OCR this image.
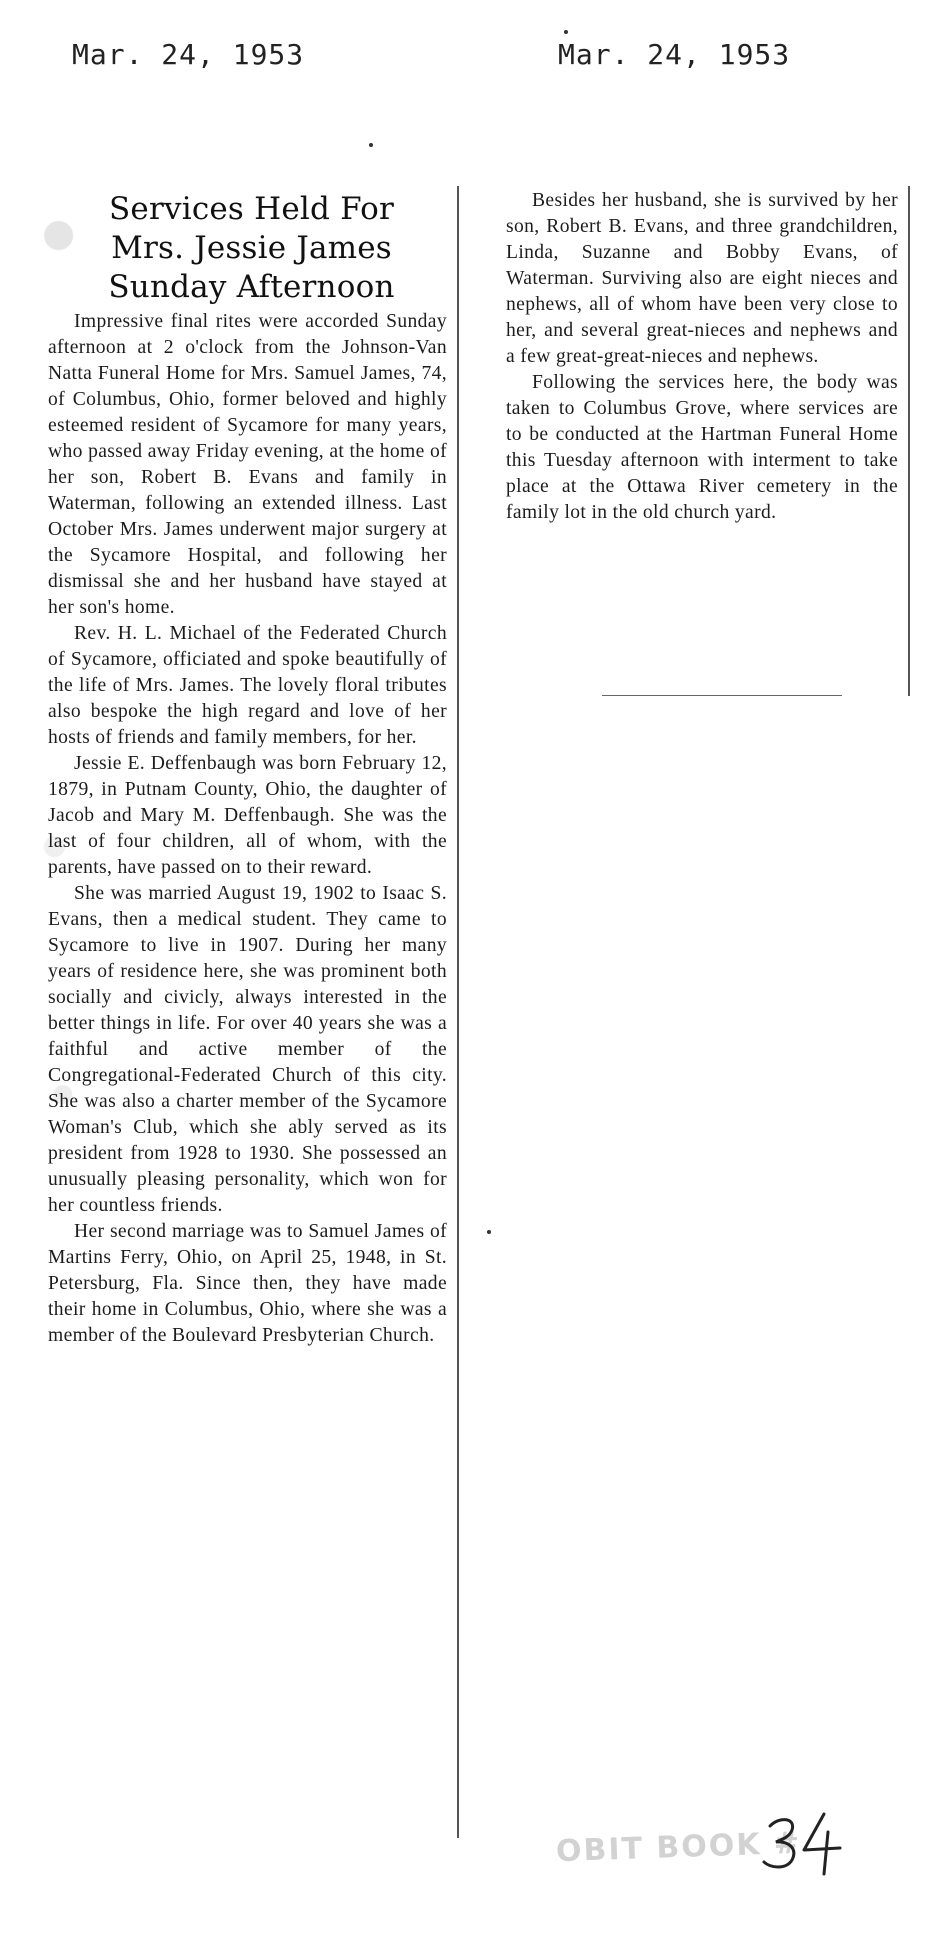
Mar. 24, 1953	Mar. 24, 1953
Services Held For
Mrs. Jessie James
Sunday Afternoon

Impressive final rites were accorded Sunday afternoon at 2 o'clock from the Johnson-Van Natta Funeral Home for Mrs. Samuel James, 74, of Columbus, Ohio, former beloved and highly esteemed resident of Sycamore for many years, who passed away Friday evening, at the home of her son, Robert B. Evans and family in Waterman, following an extended illness. Last October Mrs. James underwent major surgery at the Sycamore Hospital, and following her dismissal she and her husband have stayed at her son's home.

Rev. H. L. Michael of the Federated Church of Sycamore, officiated and spoke beautifully of the life of Mrs. James. The lovely floral tributes also bespoke the high regard and love of her hosts of friends and family members, for her.

Jessie E. Deffenbaugh was born February 12, 1879, in Putnam County, Ohio, the daughter of Jacob and Mary M. Deffenbaugh. She was the last of four children, all of whom, with the parents, have passed on to their reward.

She was married August 19, 1902 to Isaac S. Evans, then a medical student. They came to Sycamore to live in 1907. During her many years of residence here, she was prominent both socially and civicly, always interested in the better things in life. For over 40 years she was a faithful and active member of the Congregational-Federated Church of this city. She was also a charter member of the Sycamore Woman's Club, which she ably served as its president from 1928 to 1930. She possessed an unusually pleasing personality, which won for her countless friends.

Her second marriage was to Samuel James of Martins Ferry, Ohio, on April 25, 1948, in St. Petersburg, Fla. Since then, they have made their home in Columbus, Ohio, where she was a member of the Boulevard Presbyterian Church.

Besides her husband, she is survived by her son, Robert B. Evans, and three grandchildren, Linda, Suzanne and Bobby Evans, of Waterman. Surviving also are eight nieces and nephews, all of whom have been very close to her, and several great-nieces and nephews and a few great-great-nieces and nephews.

Following the services here, the body was taken to Columbus Grove, where services are to be conducted at the Hartman Funeral Home this Tuesday afternoon with interment to take place at the Ottawa River cemetery in the family lot in the old church yard.

OBIT BOOK #
